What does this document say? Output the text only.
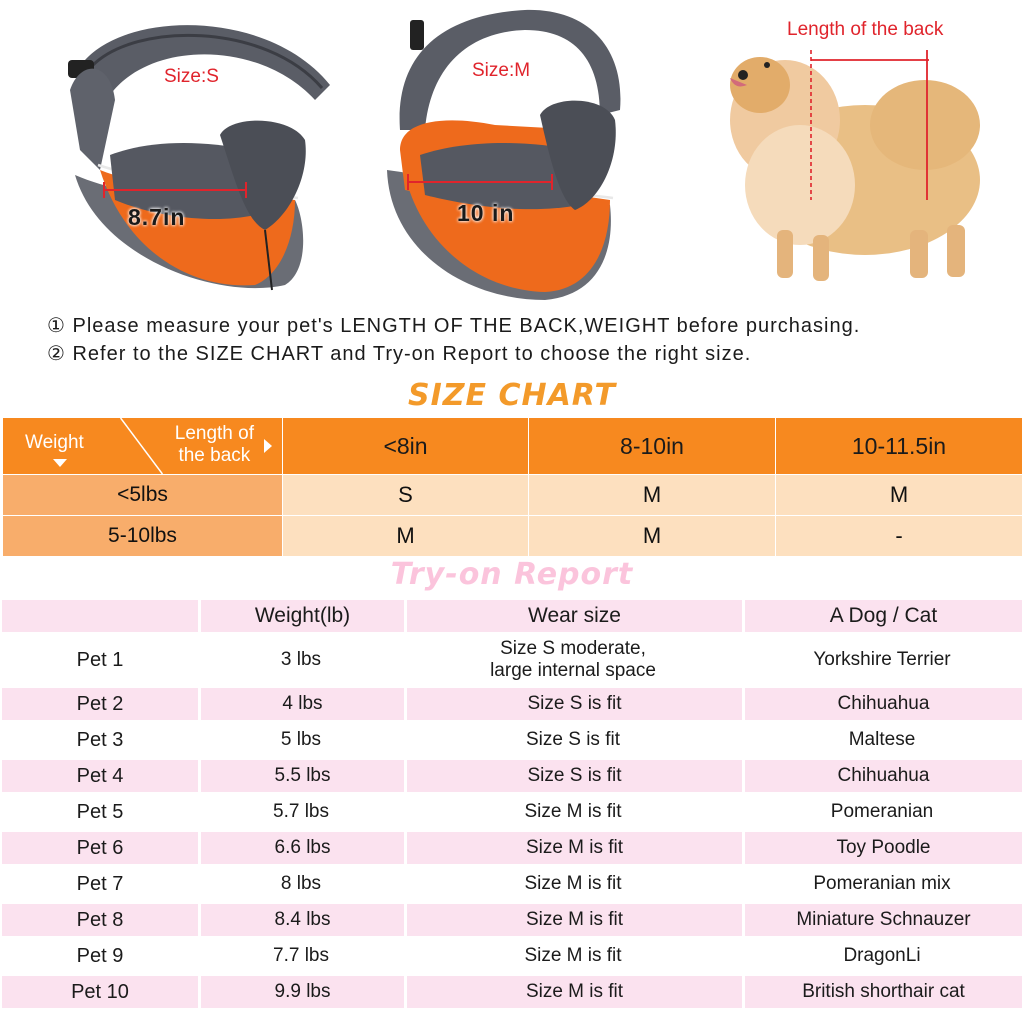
Size:S
8.7in
Size:M
10 in
Length of the back
① Please measure your pet's LENGTH OF THE BACK,WEIGHT before purchasing.
② Refer to the SIZE CHART and Try-on Report to choose the right size.
SIZE CHART
Weight Length of
the back	<8in	8-10in	10-11.5in
<5lbs	S	M	M
5-10lbs	M	M	-
Try-on Report
	Weight(lb)	Wear size	A Dog / Cat
Pet 1	3 lbs	Size S moderate,
large internal space	Yorkshire Terrier
Pet 2	4 lbs	Size S is fit	Chihuahua
Pet 3	5 lbs	Size S is fit	Maltese
Pet 4	5.5 lbs	Size S is fit	Chihuahua
Pet 5	5.7 lbs	Size M is fit	Pomeranian
Pet 6	6.6 lbs	Size M is fit	Toy Poodle
Pet 7	8 lbs	Size M is fit	Pomeranian mix
Pet 8	8.4 lbs	Size M is fit	Miniature Schnauzer
Pet 9	7.7 lbs	Size M is fit	DragonLi
Pet 10	9.9 lbs	Size M is fit	British shorthair cat
